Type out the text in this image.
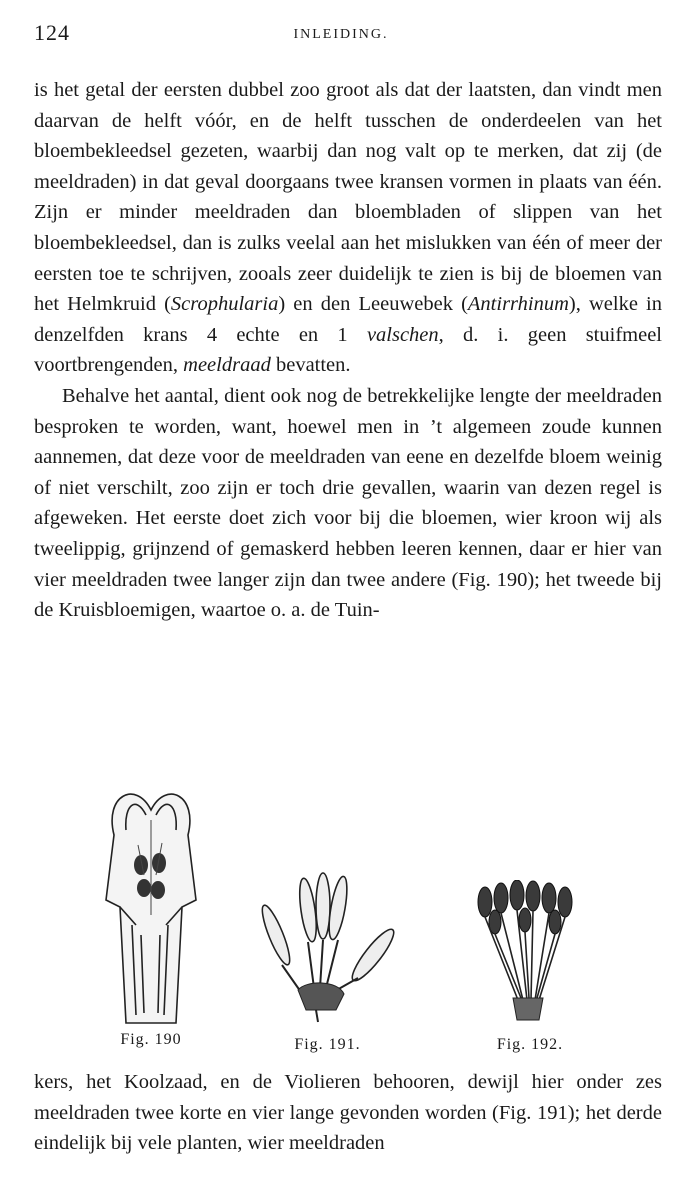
124	INLEIDING.

is het getal der eersten dubbel zoo groot als dat der laatsten, dan vindt men daarvan de helft vóór, en de helft tusschen de onderdeelen van het bloembekleedsel gezeten, waarbij dan nog valt op te merken, dat zij (de meeldraden) in dat geval doorgaans twee kransen vormen in plaats van één. Zijn er minder meeldraden dan bloembladen of slippen van het bloembekleedsel, dan is zulks veelal aan het mislukken van één of meer der eersten toe te schrijven, zooals zeer duidelijk te zien is bij de bloemen van het Helmkruid (Scrophularia) en den Leeuwebek (Antirrhinum), welke in denzelfden krans 4 echte en 1 valschen, d. i. geen stuifmeel voortbrengenden, meeldraad bevatten.

Behalve het aantal, dient ook nog de betrekkelijke lengte der meeldraden besproken te worden, want, hoewel men in ’t algemeen zoude kunnen aannemen, dat deze voor de meeldraden van eene en dezelfde bloem weinig of niet verschilt, zoo zijn er toch drie gevallen, waarin van dezen regel is afgeweken. Het eerste doet zich voor bij die bloemen, wier kroon wij als tweelippig, grijnzend of gemaskerd hebben leeren kennen, daar er hier van vier meeldraden twee langer zijn dan twee andere (Fig. 190); het tweede bij de Kruisbloemigen, waartoe o. a. de Tuin-

Fig. 190	Fig. 191.	Fig. 192.

kers, het Koolzaad, en de Violieren behooren, dewijl hier onder zes meeldraden twee korte en vier lange gevonden worden (Fig. 191); het derde eindelijk bij vele planten, wier meeldraden
